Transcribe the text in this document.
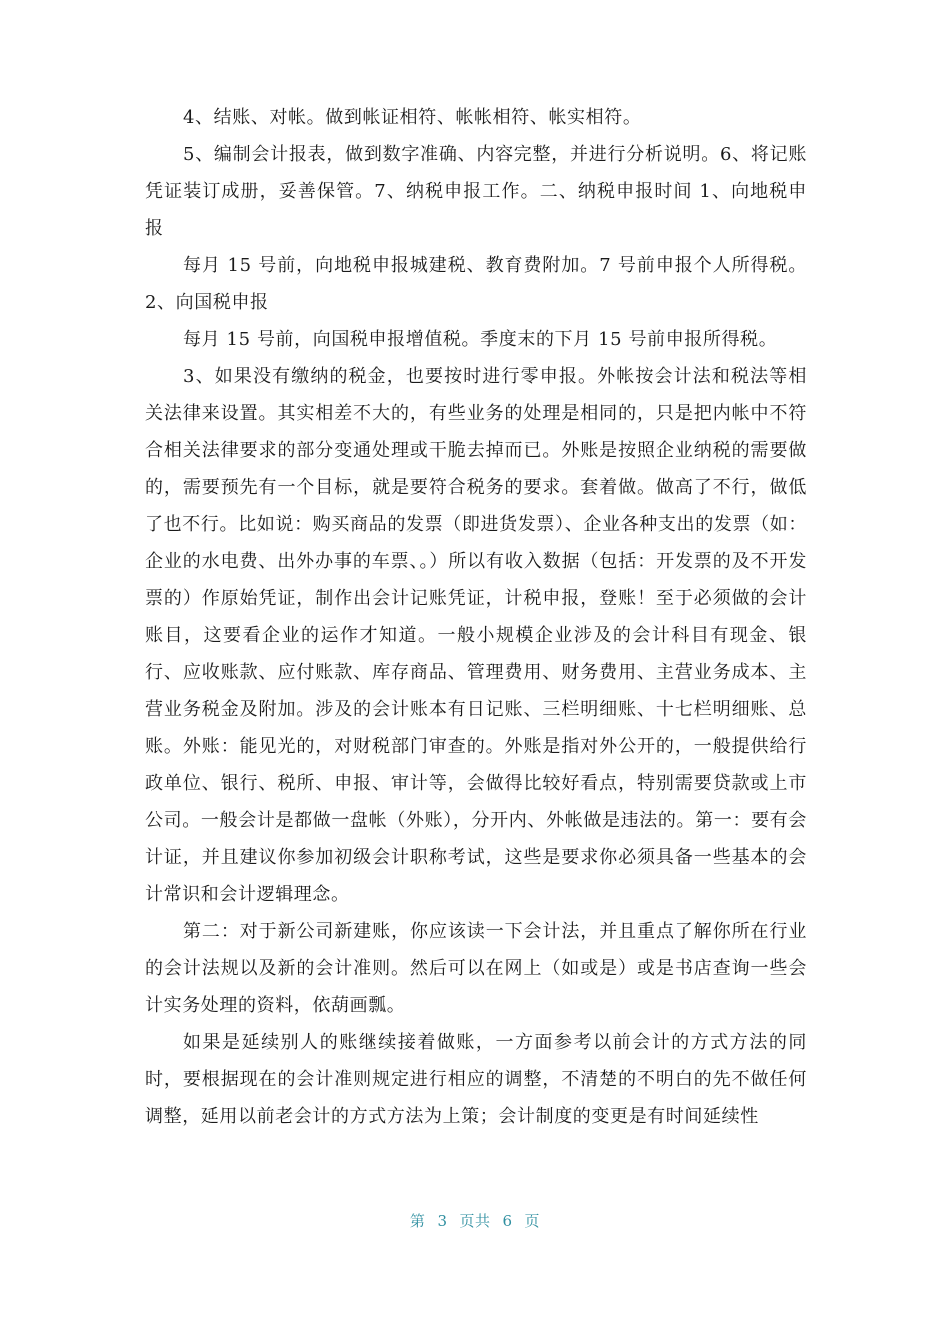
4、结账、对帐。做到帐证相符、帐帐相符、帐实相符。

5、编制会计报表，做到数字准确、内容完整，并进行分析说明。6、将记账凭证装订成册，妥善保管。7、纳税申报工作。二、纳税申报时间 1、向地税申报

每月 15 号前，向地税申报城建税、教育费附加。7 号前申报个人所得税。2、向国税申报

每月 15 号前，向国税申报增值税。季度末的下月 15 号前申报所得税。

3、如果没有缴纳的税金，也要按时进行零申报。外帐按会计法和税法等相关法律来设置。其实相差不大的，有些业务的处理是相同的，只是把内帐中不符合相关法律要求的部分变通处理或干脆去掉而已。外账是按照企业纳税的需要做的，需要预先有一个目标，就是要符合税务的要求。套着做。做高了不行，做低了也不行。比如说：购买商品的发票（即进货发票）、企业各种支出的发票（如：企业的水电费、出外办事的车票、。）所以有收入数据（包括：开发票的及不开发票的）作原始凭证，制作出会计记账凭证，计税申报，登账！至于必须做的会计账目，这要看企业的运作才知道。一般小规模企业涉及的会计科目有现金、银行、应收账款、应付账款、库存商品、管理费用、财务费用、主营业务成本、主营业务税金及附加。涉及的会计账本有日记账、三栏明细账、十七栏明细账、总账。外账：能见光的，对财税部门审查的。外账是指对外公开的，一般提供给行政单位、银行、税所、申报、审计等，会做得比较好看点，特别需要贷款或上市公司。一般会计是都做一盘帐（外账），分开内、外帐做是违法的。第一：要有会计证，并且建议你参加初级会计职称考试，这些是要求你必须具备一些基本的会计常识和会计逻辑理念。

第二：对于新公司新建账，你应该读一下会计法，并且重点了解你所在行业的会计法规以及新的会计准则。然后可以在网上（如或是）或是书店查询一些会计实务处理的资料，依葫画瓢。

如果是延续别人的账继续接着做账，一方面参考以前会计的方式方法的同时，要根据现在的会计准则规定进行相应的调整，不清楚的不明白的先不做任何调整，延用以前老会计的方式方法为上策；会计制度的变更是有时间延续性

第 3 页共 6 页
